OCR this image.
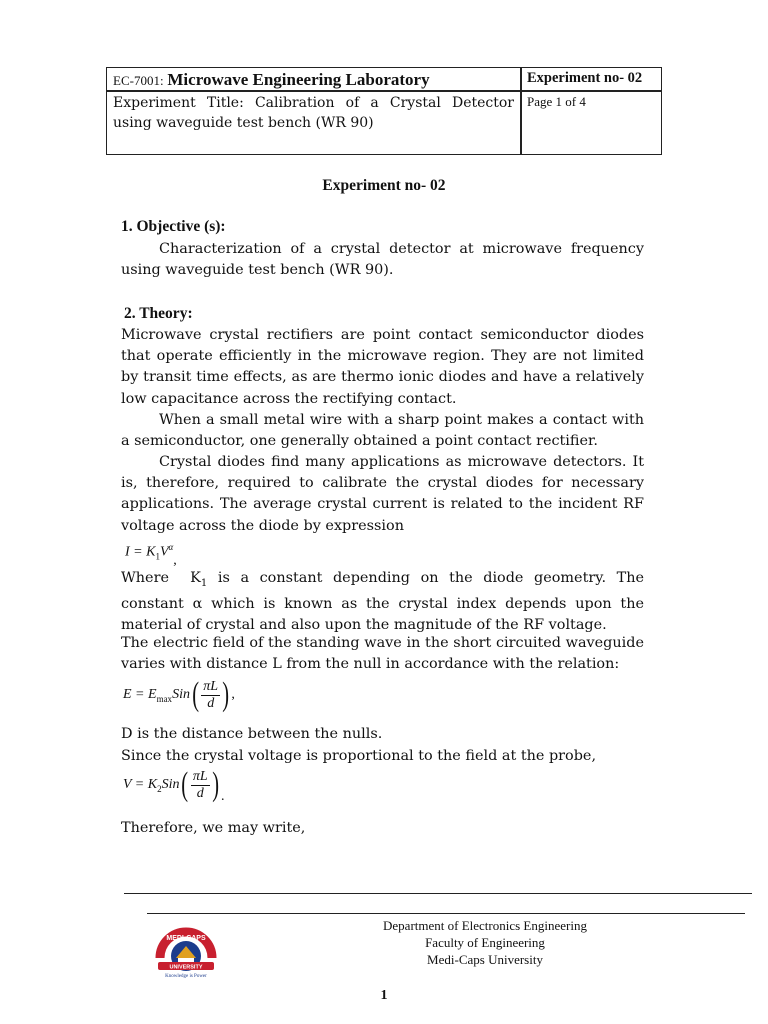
EC-7001: Microwave Engineering Laboratory	Experiment no- 02
Experiment Title: Calibration of a Crystal Detector using waveguide test bench (WR 90)
Page 1 of 4
Experiment no- 02
1. Objective (s):
Characterization of a crystal detector at microwave frequency using waveguide test bench (WR 90).
2. Theory:
Microwave crystal rectifiers are point contact semiconductor diodes that operate efficiently in the microwave region. They are not limited by transit time effects, as are thermo ionic diodes and have a relatively low capacitance across the rectifying contact.
When a small metal wire with a sharp point makes a contact with a semiconductor, one generally obtained a point contact rectifier.
Crystal diodes find many applications as microwave detectors. It is, therefore, required to calibrate the crystal diodes for necessary applications. The average crystal current is related to the incident RF voltage across the diode by expression
$I = K_1V^\alpha$,
Where $K_1$ is a constant depending on the diode geometry. The constant α which is known as the crystal index depends upon the material of crystal and also upon the magnitude of the RF voltage.
The electric field of the standing wave in the short circuited waveguide varies with distance L from the null in accordance with the relation:
$E = E_{max}Sin( \frac{\pi L}{d}$ ) ,
D is the distance between the nulls.
Since the crystal voltage is proportional to the field at the probe,
$V = K_2Sin( \frac{\pi L}{d}$ ) .
Therefore, we may write,
MEDI-CAPS
UNIVERSITY
Knowledge is Power
Department of Electronics Engineering
Faculty of Engineering
Medi-Caps University
1
